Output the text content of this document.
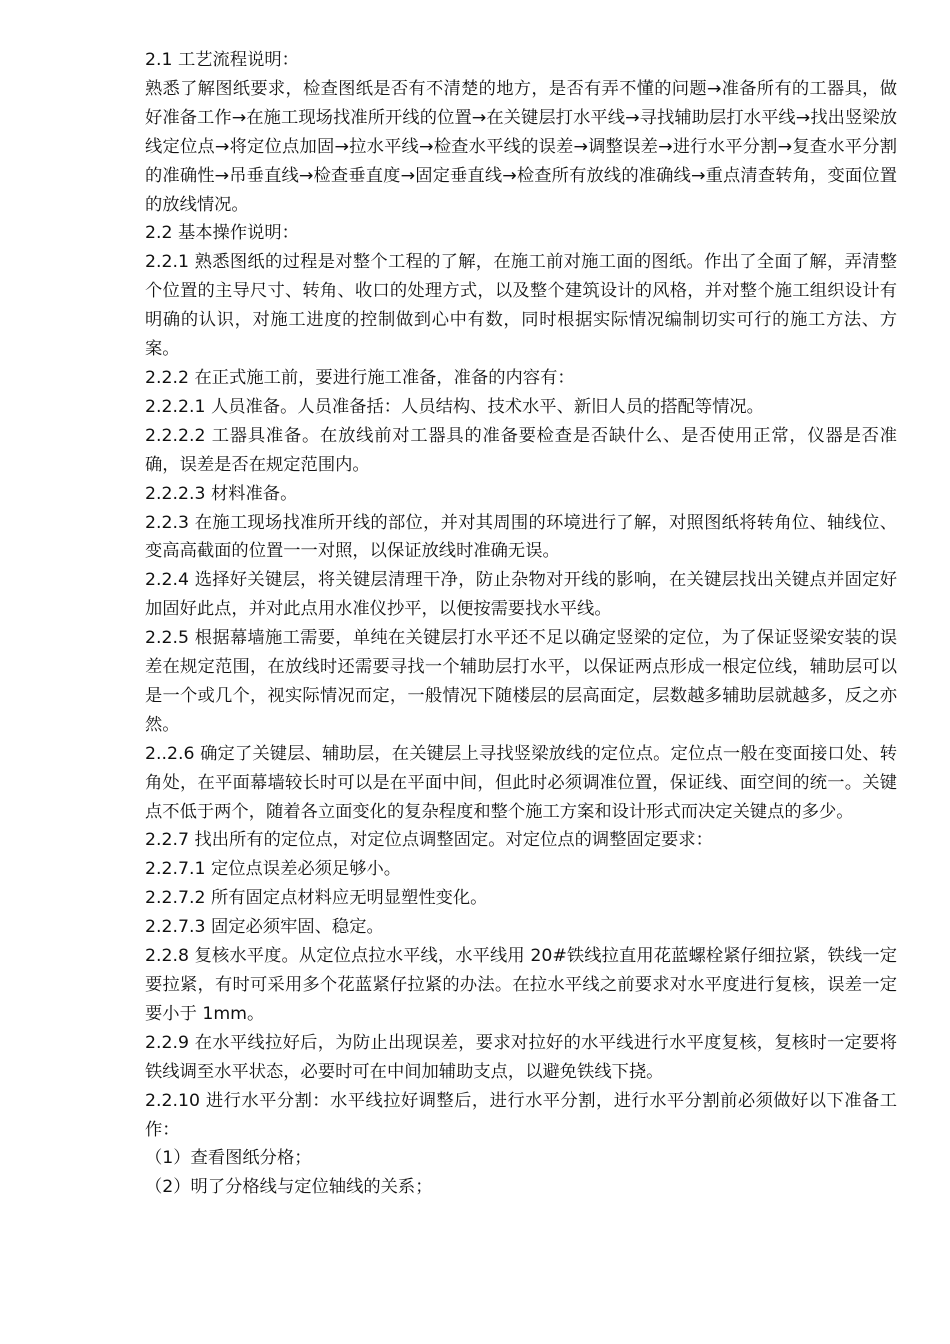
2.1 工艺流程说明：

熟悉了解图纸要求，检查图纸是否有不清楚的地方，是否有弄不懂的问题→准备所有的工器具，做好准备工作→在施工现场找准所开线的位置→在关键层打水平线→寻找辅助层打水平线→找出竖梁放线定位点→将定位点加固→拉水平线→检查水平线的误差→调整误差→进行水平分割→复查水平分割的准确性→吊垂直线→检查垂直度→固定垂直线→检查所有放线的准确线→重点清查转角，变面位置的放线情况。

2.2 基本操作说明：

2.2.1 熟悉图纸的过程是对整个工程的了解，在施工前对施工面的图纸。作出了全面了解，弄清整个位置的主导尺寸、转角、收口的处理方式，以及整个建筑设计的风格，并对整个施工组织设计有明确的认识，对施工进度的控制做到心中有数，同时根据实际情况编制切实可行的施工方法、方案。

2.2.2 在正式施工前，要进行施工准备，准备的内容有：

2.2.2.1 人员准备。人员准备括：人员结构、技术水平、新旧人员的搭配等情况。

2.2.2.2 工器具准备。在放线前对工器具的准备要检查是否缺什么、是否使用正常，仪器是否准确，误差是否在规定范围内。

2.2.2.3 材料准备。

2.2.3 在施工现场找准所开线的部位，并对其周围的环境进行了解，对照图纸将转角位、轴线位、变高高截面的位置一一对照，以保证放线时准确无误。

2.2.4 选择好关键层，将关键层清理干净，防止杂物对开线的影响，在关键层找出关键点并固定好加固好此点，并对此点用水准仪抄平，以便按需要找水平线。

2.2.5 根据幕墙施工需要，单纯在关键层打水平还不足以确定竖梁的定位，为了保证竖梁安装的误差在规定范围，在放线时还需要寻找一个辅助层打水平，以保证两点形成一根定位线，辅助层可以是一个或几个，视实际情况而定，一般情况下随楼层的层高面定，层数越多辅助层就越多，反之亦然。

2..2.6 确定了关键层、辅助层，在关键层上寻找竖梁放线的定位点。定位点一般在变面接口处、转角处，在平面幕墙较长时可以是在平面中间，但此时必须调准位置，保证线、面空间的统一。关键点不低于两个，随着各立面变化的复杂程度和整个施工方案和设计形式而决定关键点的多少。

2.2.7 找出所有的定位点，对定位点调整固定。对定位点的调整固定要求：

2.2.7.1 定位点误差必须足够小。

2.2.7.2 所有固定点材料应无明显塑性变化。

2.2.7.3 固定必须牢固、稳定。

2.2.8 复核水平度。从定位点拉水平线，水平线用 20#铁线拉直用花蓝螺栓紧仔细拉紧，铁线一定要拉紧，有时可采用多个花蓝紧仔拉紧的办法。在拉水平线之前要求对水平度进行复核，误差一定要小于 1mm。

2.2.9 在水平线拉好后，为防止出现误差，要求对拉好的水平线进行水平度复核，复核时一定要将铁线调至水平状态，必要时可在中间加辅助支点，以避免铁线下挠。

2.2.10 进行水平分割：水平线拉好调整后，进行水平分割，进行水平分割前必须做好以下准备工作：

（1）查看图纸分格；

（2）明了分格线与定位轴线的关系；
